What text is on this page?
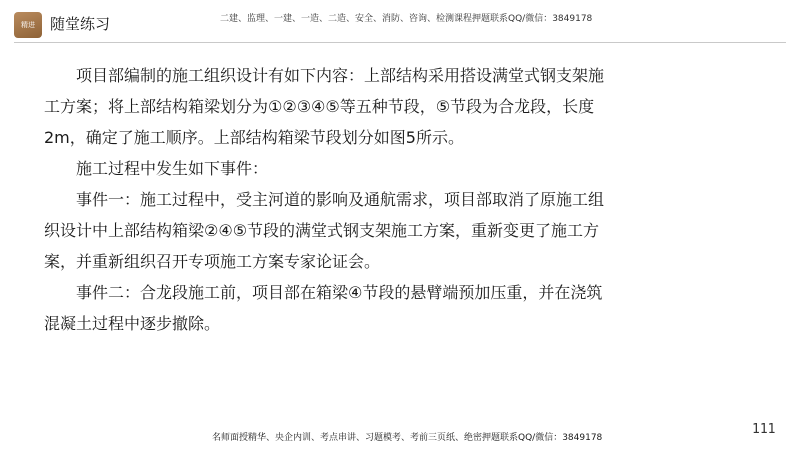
精进	随堂练习	二建、监理、一建、一造、二造、安全、消防、咨询、检测课程押题联系QQ/微信：3849178

项目部编制的施工组织设计有如下内容：上部结构采用搭设满堂式钢支架施工方案；将上部结构箱梁划分为①②③④⑤等五种节段，⑤节段为合龙段，长度2m，确定了施工顺序。上部结构箱梁节段划分如图5所示。

施工过程中发生如下事件：

事件一：施工过程中，受主河道的影响及通航需求，项目部取消了原施工组织设计中上部结构箱梁②④⑤节段的满堂式钢支架施工方案，重新变更了施工方案，并重新组织召开专项施工方案专家论证会。

事件二：合龙段施工前，项目部在箱梁④节段的悬臂端预加压重，并在浇筑混凝土过程中逐步撤除。

名师面授精华、央企内训、考点串讲、习题模考、考前三页纸、绝密押题联系QQ/微信：3849178
111
